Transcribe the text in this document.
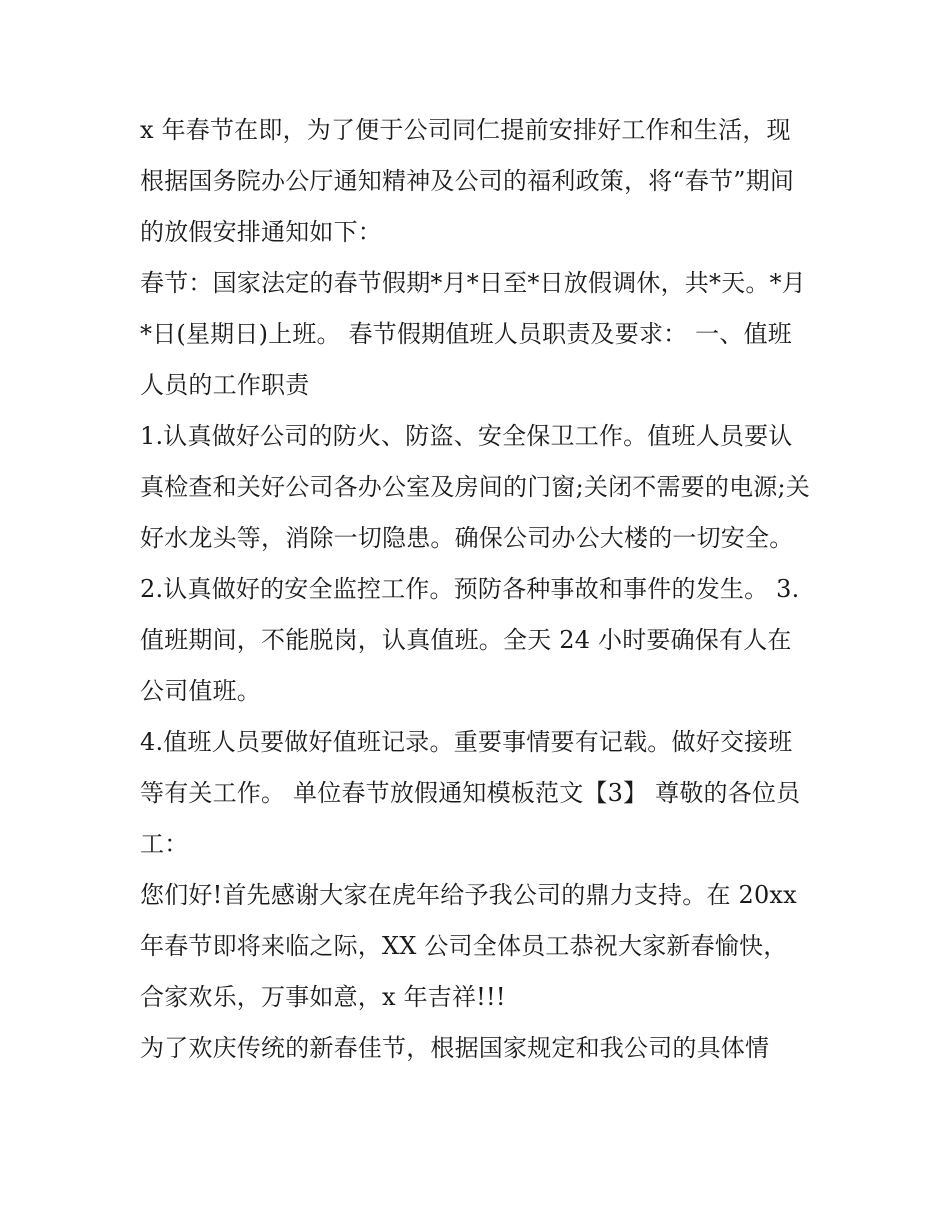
x 年春节在即，为了便于公司同仁提前安排好工作和生活，现根据国务院办公厅通知精神及公司的福利政策，将“春节”期间的放假安排通知如下：

春节：国家法定的春节假期*月*日至*日放假调休，共*天。*月*日(星期日)上班。 春节假期值班人员职责及要求： 一、值班人员的工作职责

1.认真做好公司的防火、防盗、安全保卫工作。值班人员要认真检查和关好公司各办公室及房间的门窗;关闭不需要的电源;关好水龙头等，消除一切隐患。确保公司办公大楼的一切安全。

2.认真做好的安全监控工作。预防各种事故和事件的发生。 3.值班期间，不能脱岗，认真值班。全天 24 小时要确保有人在公司值班。

4.值班人员要做好值班记录。重要事情要有记载。做好交接班等有关工作。 单位春节放假通知模板范文【3】 尊敬的各位员工：

您们好!首先感谢大家在虎年给予我公司的鼎力支持。在 20xx 年春节即将来临之际，XX 公司全体员工恭祝大家新春愉快，合家欢乐，万事如意，x 年吉祥!!!

为了欢庆传统的新春佳节，根据国家规定和我公司的具体情
